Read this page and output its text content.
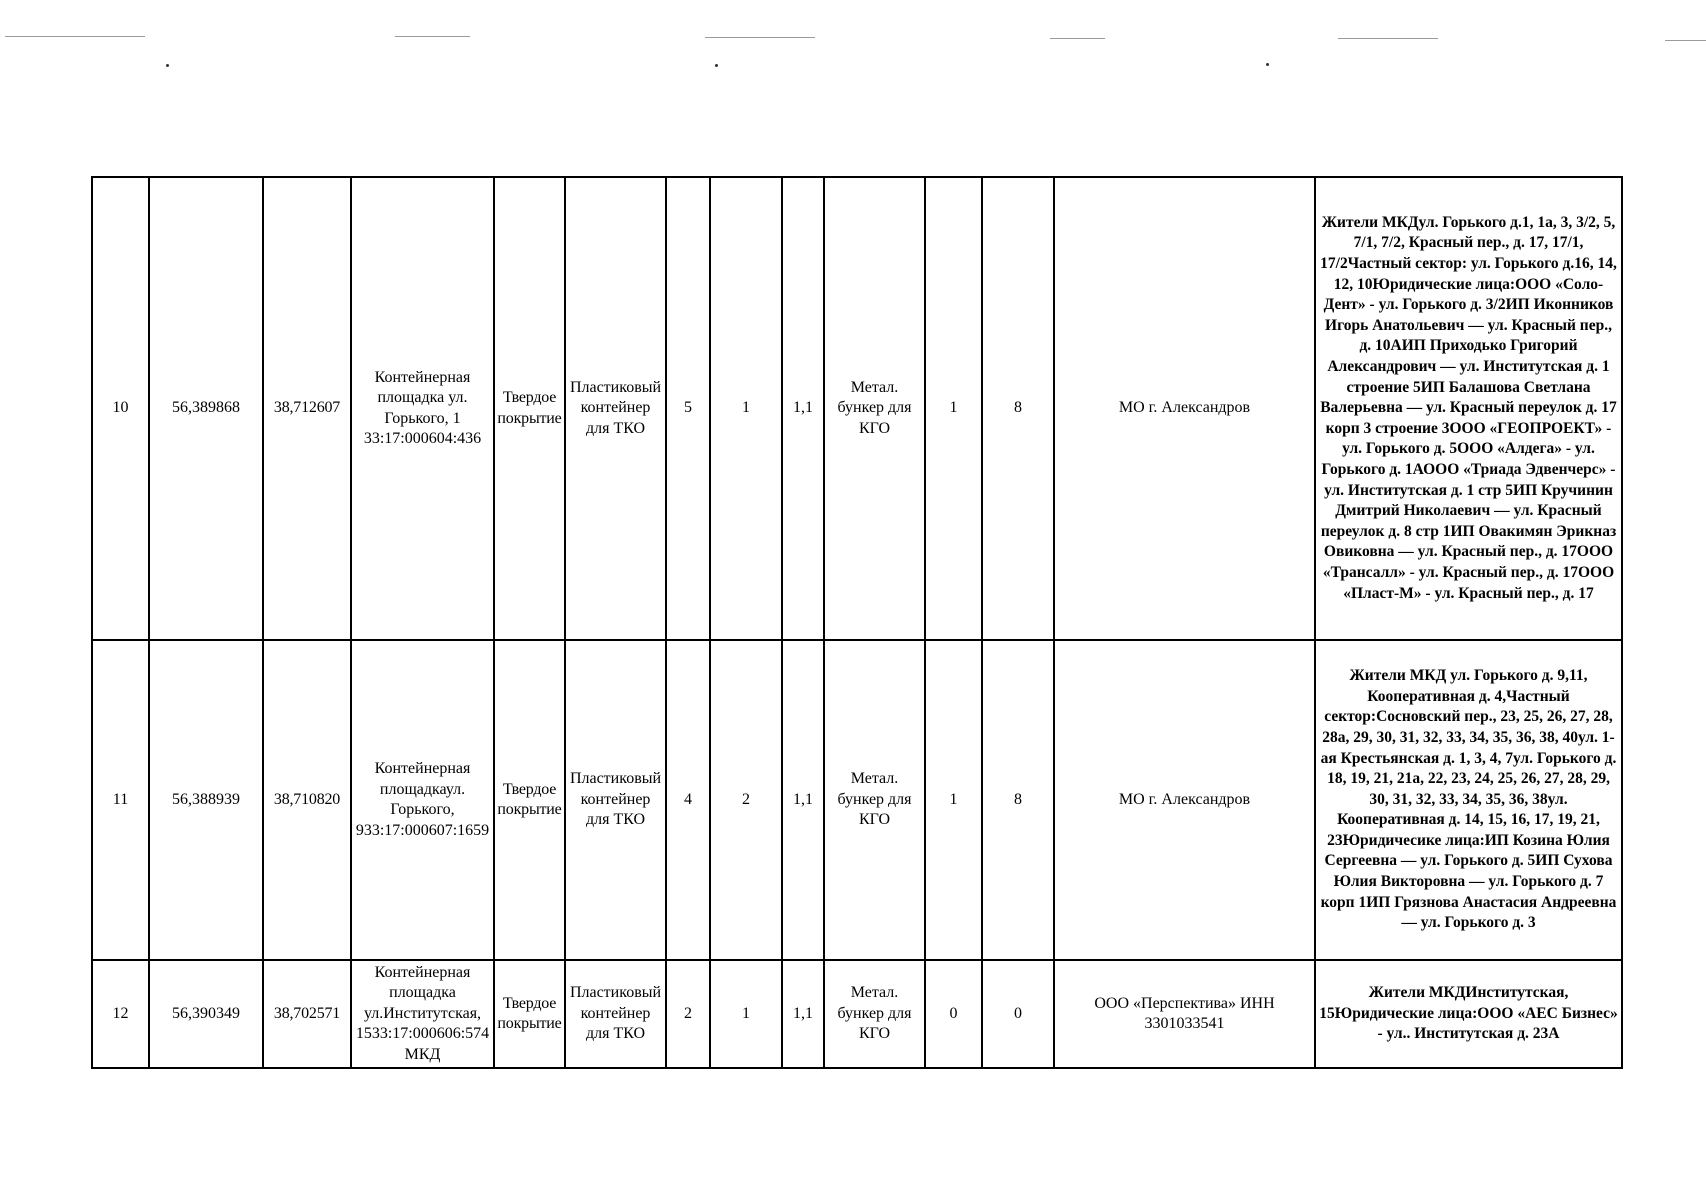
10	56,389868	38,712607	Контейнерная площадка ул. Горького, 1 33:17:000604:436	Твердое покрытие	Пластиковый контейнер для ТКО	5	1	1,1	Метал. бункер для КГО	1	8	МО г. Александров	Жители МКДул. Горького д.1, 1а, 3, 3/2, 5, 7/1, 7/2, Красный пер., д. 17, 17/1, 17/2Частный сектор: ул. Горького д.16, 14, 12, 10Юридические лица:ООО «Соло-Дент» - ул. Горького д. 3/2ИП Иконников Игорь Анатольевич — ул. Красный пер., д. 10АИП Приходько Григорий Александрович — ул. Институтская д. 1 строение 5ИП Балашова Светлана Валерьевна — ул. Красный переулок д. 17 корп 3 строение 3ООО «ГЕОПРОЕКТ» - ул. Горького д. 5ООО «Алдега» - ул. Горького д. 1АООО «Триада Эдвенчерс» - ул. Институтская д. 1 стр 5ИП Кручинин Дмитрий Николаевич — ул. Красный переулок д. 8 стр 1ИП Овакимян Эрикназ Овиковна — ул. Красный пер., д. 17ООО «Трансалл» - ул. Красный пер., д. 17ООО «Пласт-М» - ул. Красный пер., д. 17
11	56,388939	38,710820	Контейнерная площадкаул. Горького, 933:17:000607:1659	Твердое покрытие	Пластиковыйконтейнер для ТКО	4	2	1,1	Метал. бункер для КГО	1	8	МО г. Александров	Жители МКД ул. Горького д. 9,11, Кооперативная д. 4,Частный сектор:Сосновский пер., 23, 25, 26, 27, 28, 28а, 29, 30, 31, 32, 33, 34, 35, 36, 38, 40ул. 1-ая Крестьянская д. 1, 3, 4, 7ул. Горького д. 18, 19, 21, 21а, 22, 23, 24, 25, 26, 27, 28, 29, 30, 31, 32, 33, 34, 35, 36, 38ул. Кооперативная д. 14, 15, 16, 17, 19, 21, 23Юридичесике лица:ИП Козина Юлия Сергеевна — ул. Горького д. 5ИП Сухова Юлия Викторовна — ул. Горького д. 7 корп 1ИП Грязнова Анастасия Андреевна — ул. Горького д. 3
12	56,390349	38,702571	Контейнерная площадка ул.Институтская, 1533:17:000606:574 МКД	Твердое покрытие	Пластиковыйконтейнер для ТКО	2	1	1,1	Метал. бункер для КГО	0	0	ООО «Перспектива» ИНН 3301033541	Жители МКДИнститутская, 15Юридические лица:ООО «АЕС Бизнес» - ул.. Институтская д. 23А
